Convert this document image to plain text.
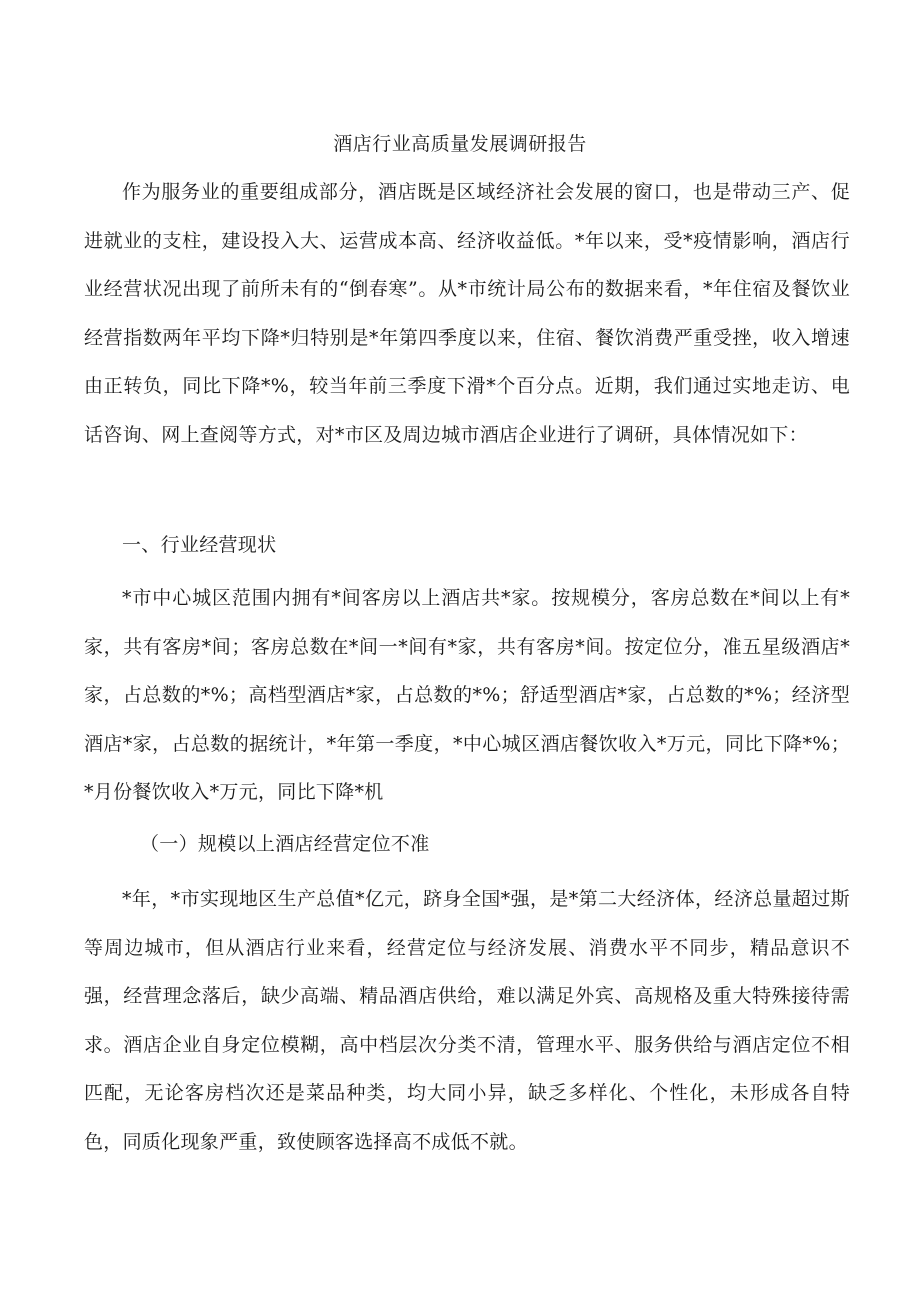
酒店行业高质量发展调研报告

作为服务业的重要组成部分，酒店既是区域经济社会发展的窗口，也是带动三产、促进就业的支柱，建设投入大、运营成本高、经济收益低。*年以来，受*疫情影响，酒店行业经营状况出现了前所未有的“倒春寒”。从*市统计局公布的数据来看，*年住宿及餐饮业经营指数两年平均下降*归特别是*年第四季度以来，住宿、餐饮消费严重受挫，收入增速由正转负，同比下降*%，较当年前三季度下滑*个百分点。近期，我们通过实地走访、电话咨询、网上查阅等方式，对*市区及周边城市酒店企业进行了调研，具体情况如下：

一、行业经营现状

*市中心城区范围内拥有*间客房以上酒店共*家。按规模分，客房总数在*间以上有*家，共有客房*间；客房总数在*间一*间有*家，共有客房*间。按定位分，准五星级酒店*家，占总数的*%；高档型酒店*家，占总数的*%；舒适型酒店*家，占总数的*%；经济型酒店*家，占总数的据统计，*年第一季度，*中心城区酒店餐饮收入*万元，同比下降*%；*月份餐饮收入*万元，同比下降*机

（一）规模以上酒店经营定位不准

*年，*市实现地区生产总值*亿元，跻身全国*强，是*第二大经济体，经济总量超过斯等周边城市，但从酒店行业来看，经营定位与经济发展、消费水平不同步，精品意识不强，经营理念落后，缺少高端、精品酒店供给，难以满足外宾、高规格及重大特殊接待需求。酒店企业自身定位模糊，高中档层次分类不清，管理水平、服务供给与酒店定位不相匹配，无论客房档次还是菜品种类，均大同小异，缺乏多样化、个性化，未形成各自特色，同质化现象严重，致使顾客选择高不成低不就。
